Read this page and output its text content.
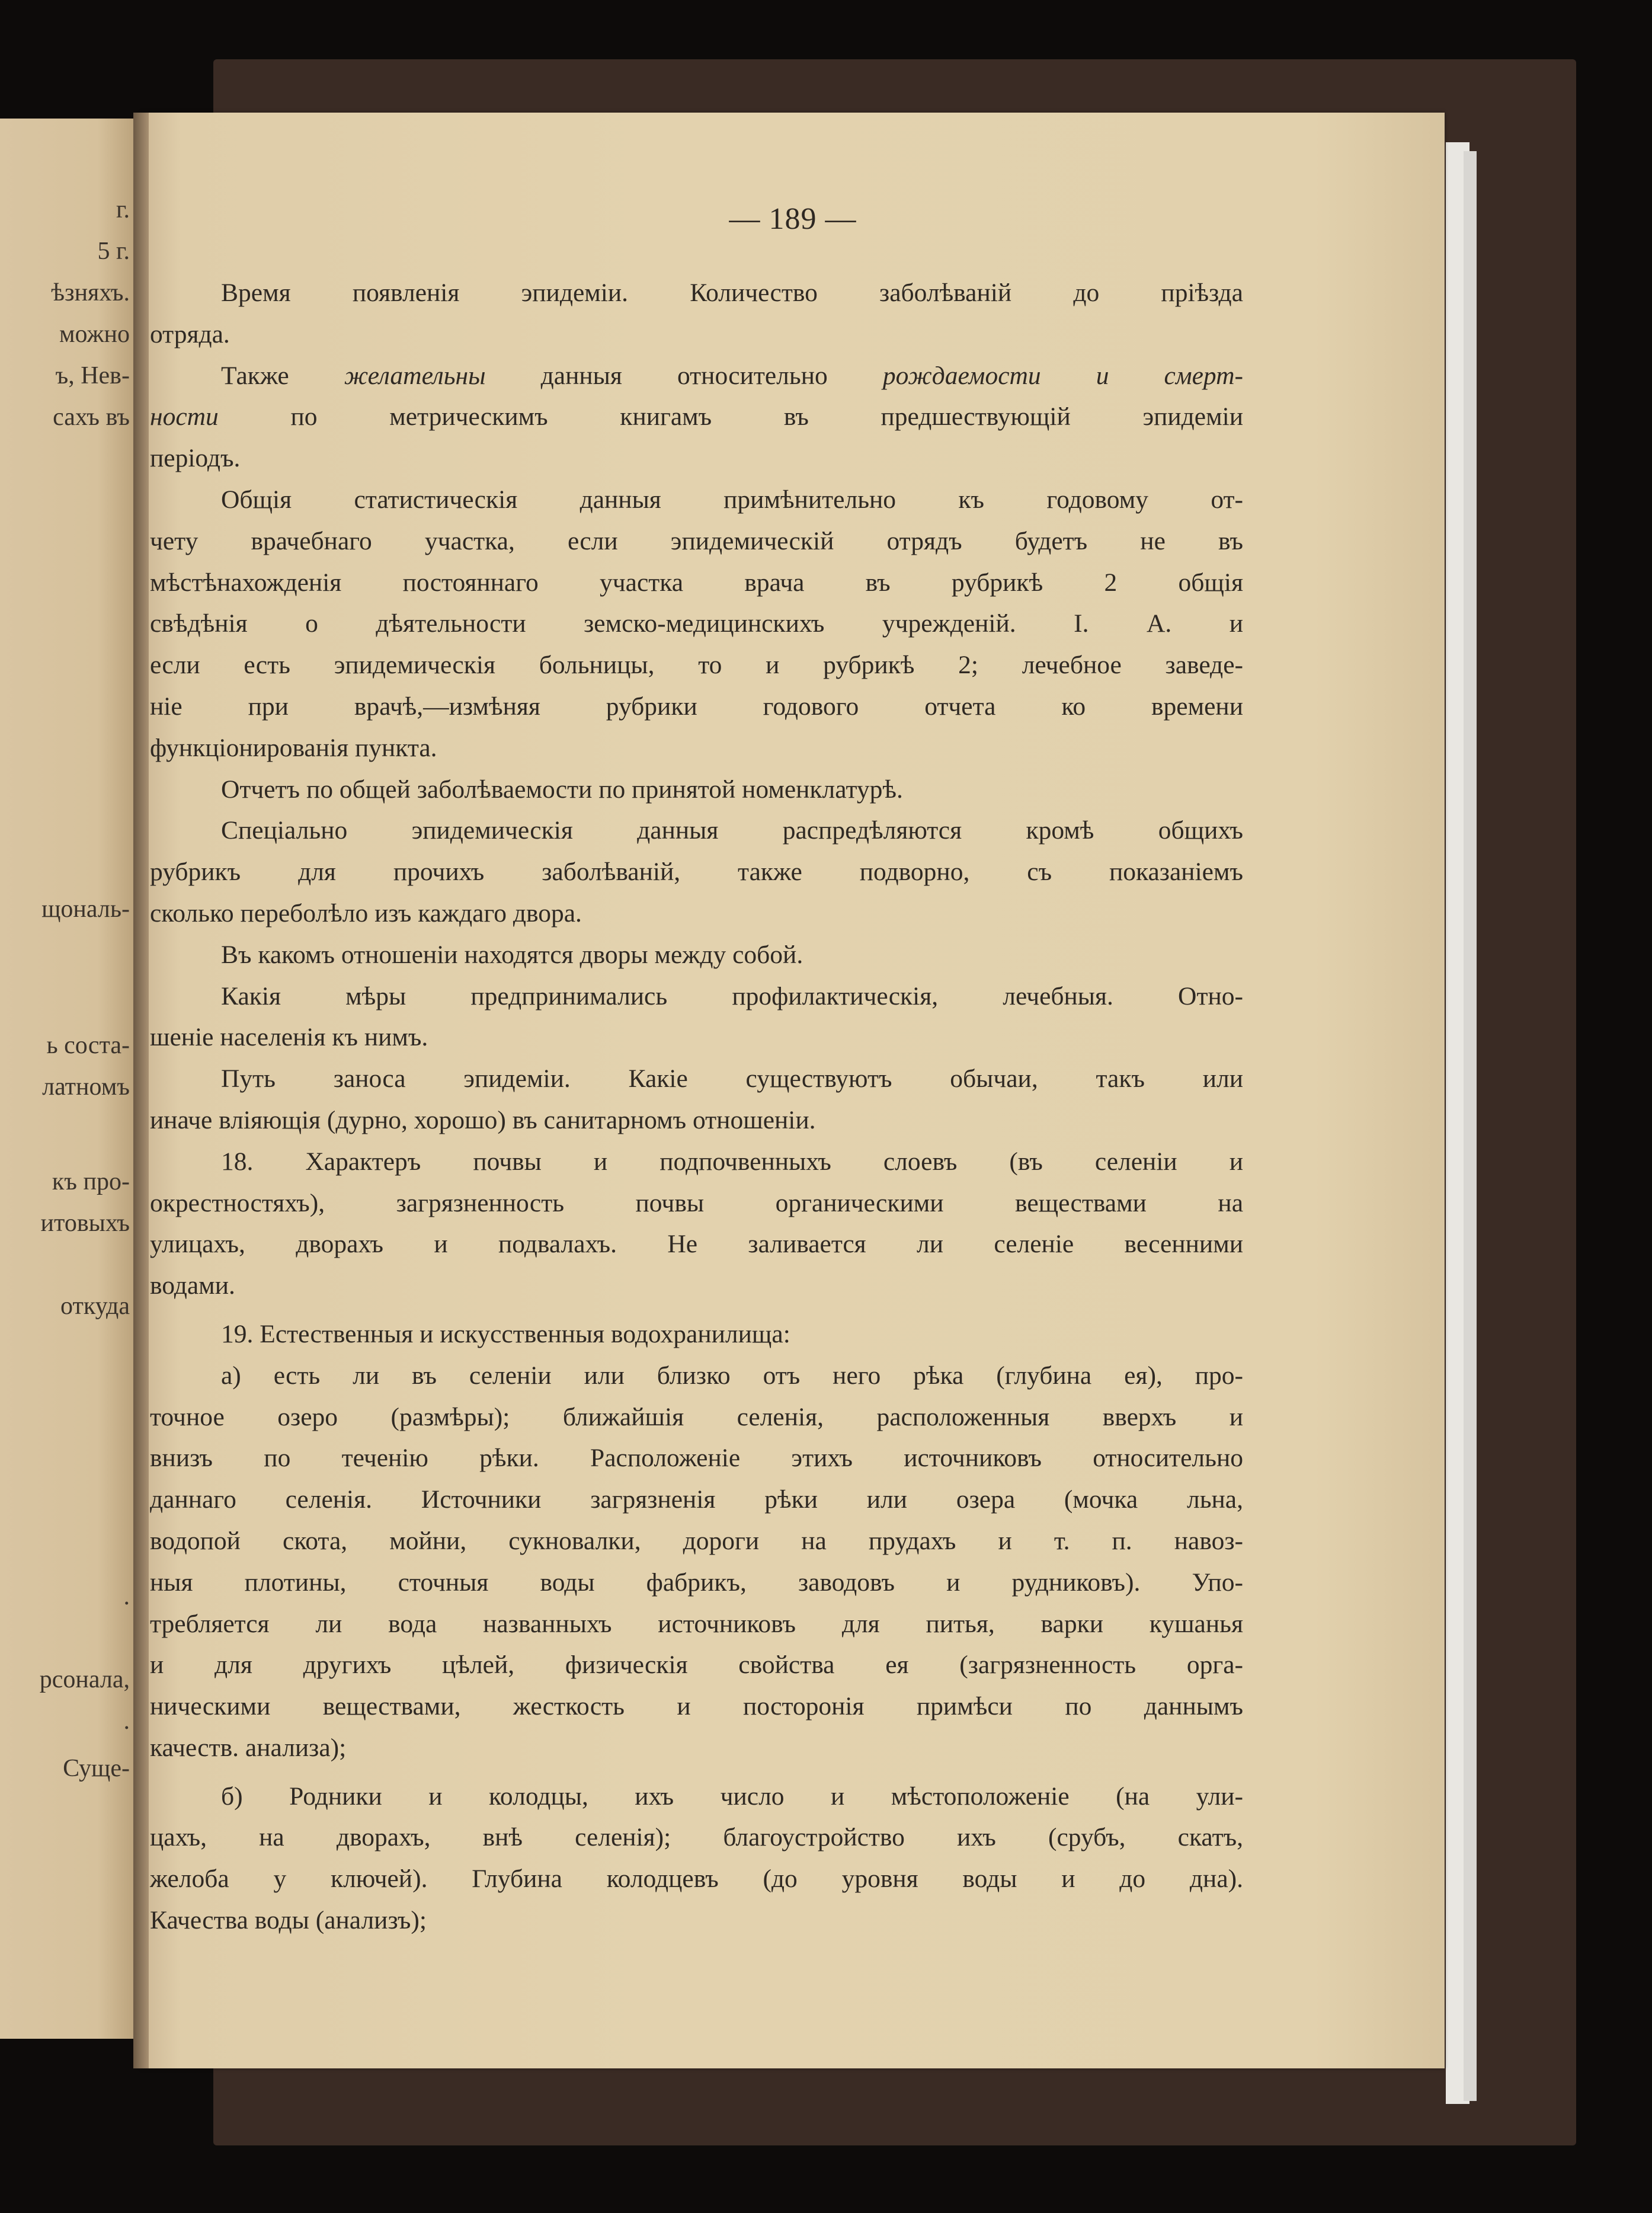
г.
5 г.
ѣзняхъ.
можно
ъ, Нев-
сахъ въ
щональ-
ь соста-
латномъ
къ про-
итовыхъ
откуда
.
рсонала,
.
Суще-
— 189 —
Время появленія эпидеміи. Количество заболѣваній до пріѣзда
отряда.
Также желательны данныя относительно рождаемости и смерт-
ности по метрическимъ книгамъ въ предшествующій эпидеміи
періодъ.
Общія статистическія данныя примѣнительно къ годовому от-
чету врачебнаго участка, если эпидемическій отрядъ будетъ не въ
мѣстѣнахожденія постояннаго участка врача въ рубрикѣ 2 общія
свѣдѣнія о дѣятельности земско-медицинскихъ учрежденій. I. А. и
если есть эпидемическія больницы, то и рубрикѣ 2; лечебное заведе-
ніе при врачѣ,—измѣняя рубрики годового отчета ко времени
функціонированія пункта.
Отчетъ по общей заболѣваемости по принятой номенклатурѣ.
Спеціально эпидемическія данныя распредѣляются кромѣ общихъ
рубрикъ для прочихъ заболѣваній, также подворно, съ показаніемъ
сколько переболѣло изъ каждаго двора.
Въ какомъ отношеніи находятся дворы между собой.
Какія мѣры предпринимались профилактическія, лечебныя. Отно-
шеніе населенія къ нимъ.
Путь заноса эпидеміи. Какіе существуютъ обычаи, такъ или
иначе вліяющія (дурно, хорошо) въ санитарномъ отношеніи.
18. Характеръ почвы и подпочвенныхъ слоевъ (въ селеніи и
окрестностяхъ), загрязненность почвы органическими веществами на
улицахъ, дворахъ и подвалахъ. Не заливается ли селеніе весенними
водами.
19. Естественныя и искусственныя водохранилища:
а) есть ли въ селеніи или близко отъ него рѣка (глубина ея), про-
точное озеро (размѣры); ближайшія селенія, расположенныя вверхъ и
внизъ по теченію рѣки. Расположеніе этихъ источниковъ относительно
даннаго селенія. Источники загрязненія рѣки или озера (мочка льна,
водопой скота, мойни, сукновалки, дороги на прудахъ и т. п. навоз-
ныя плотины, сточныя воды фабрикъ, заводовъ и рудниковъ). Упо-
требляется ли вода названныхъ источниковъ для питья, варки кушанья
и для другихъ цѣлей, физическія свойства ея (загрязненность орга-
ническими веществами, жесткость и посторонія примѣси по даннымъ
качеств. анализа);
б) Родники и колодцы, ихъ число и мѣстоположеніе (на ули-
цахъ, на дворахъ, внѣ селенія); благоустройство ихъ (срубъ, скатъ,
желоба у ключей). Глубина колодцевъ (до уровня воды и до дна).
Качества воды (анализъ);
